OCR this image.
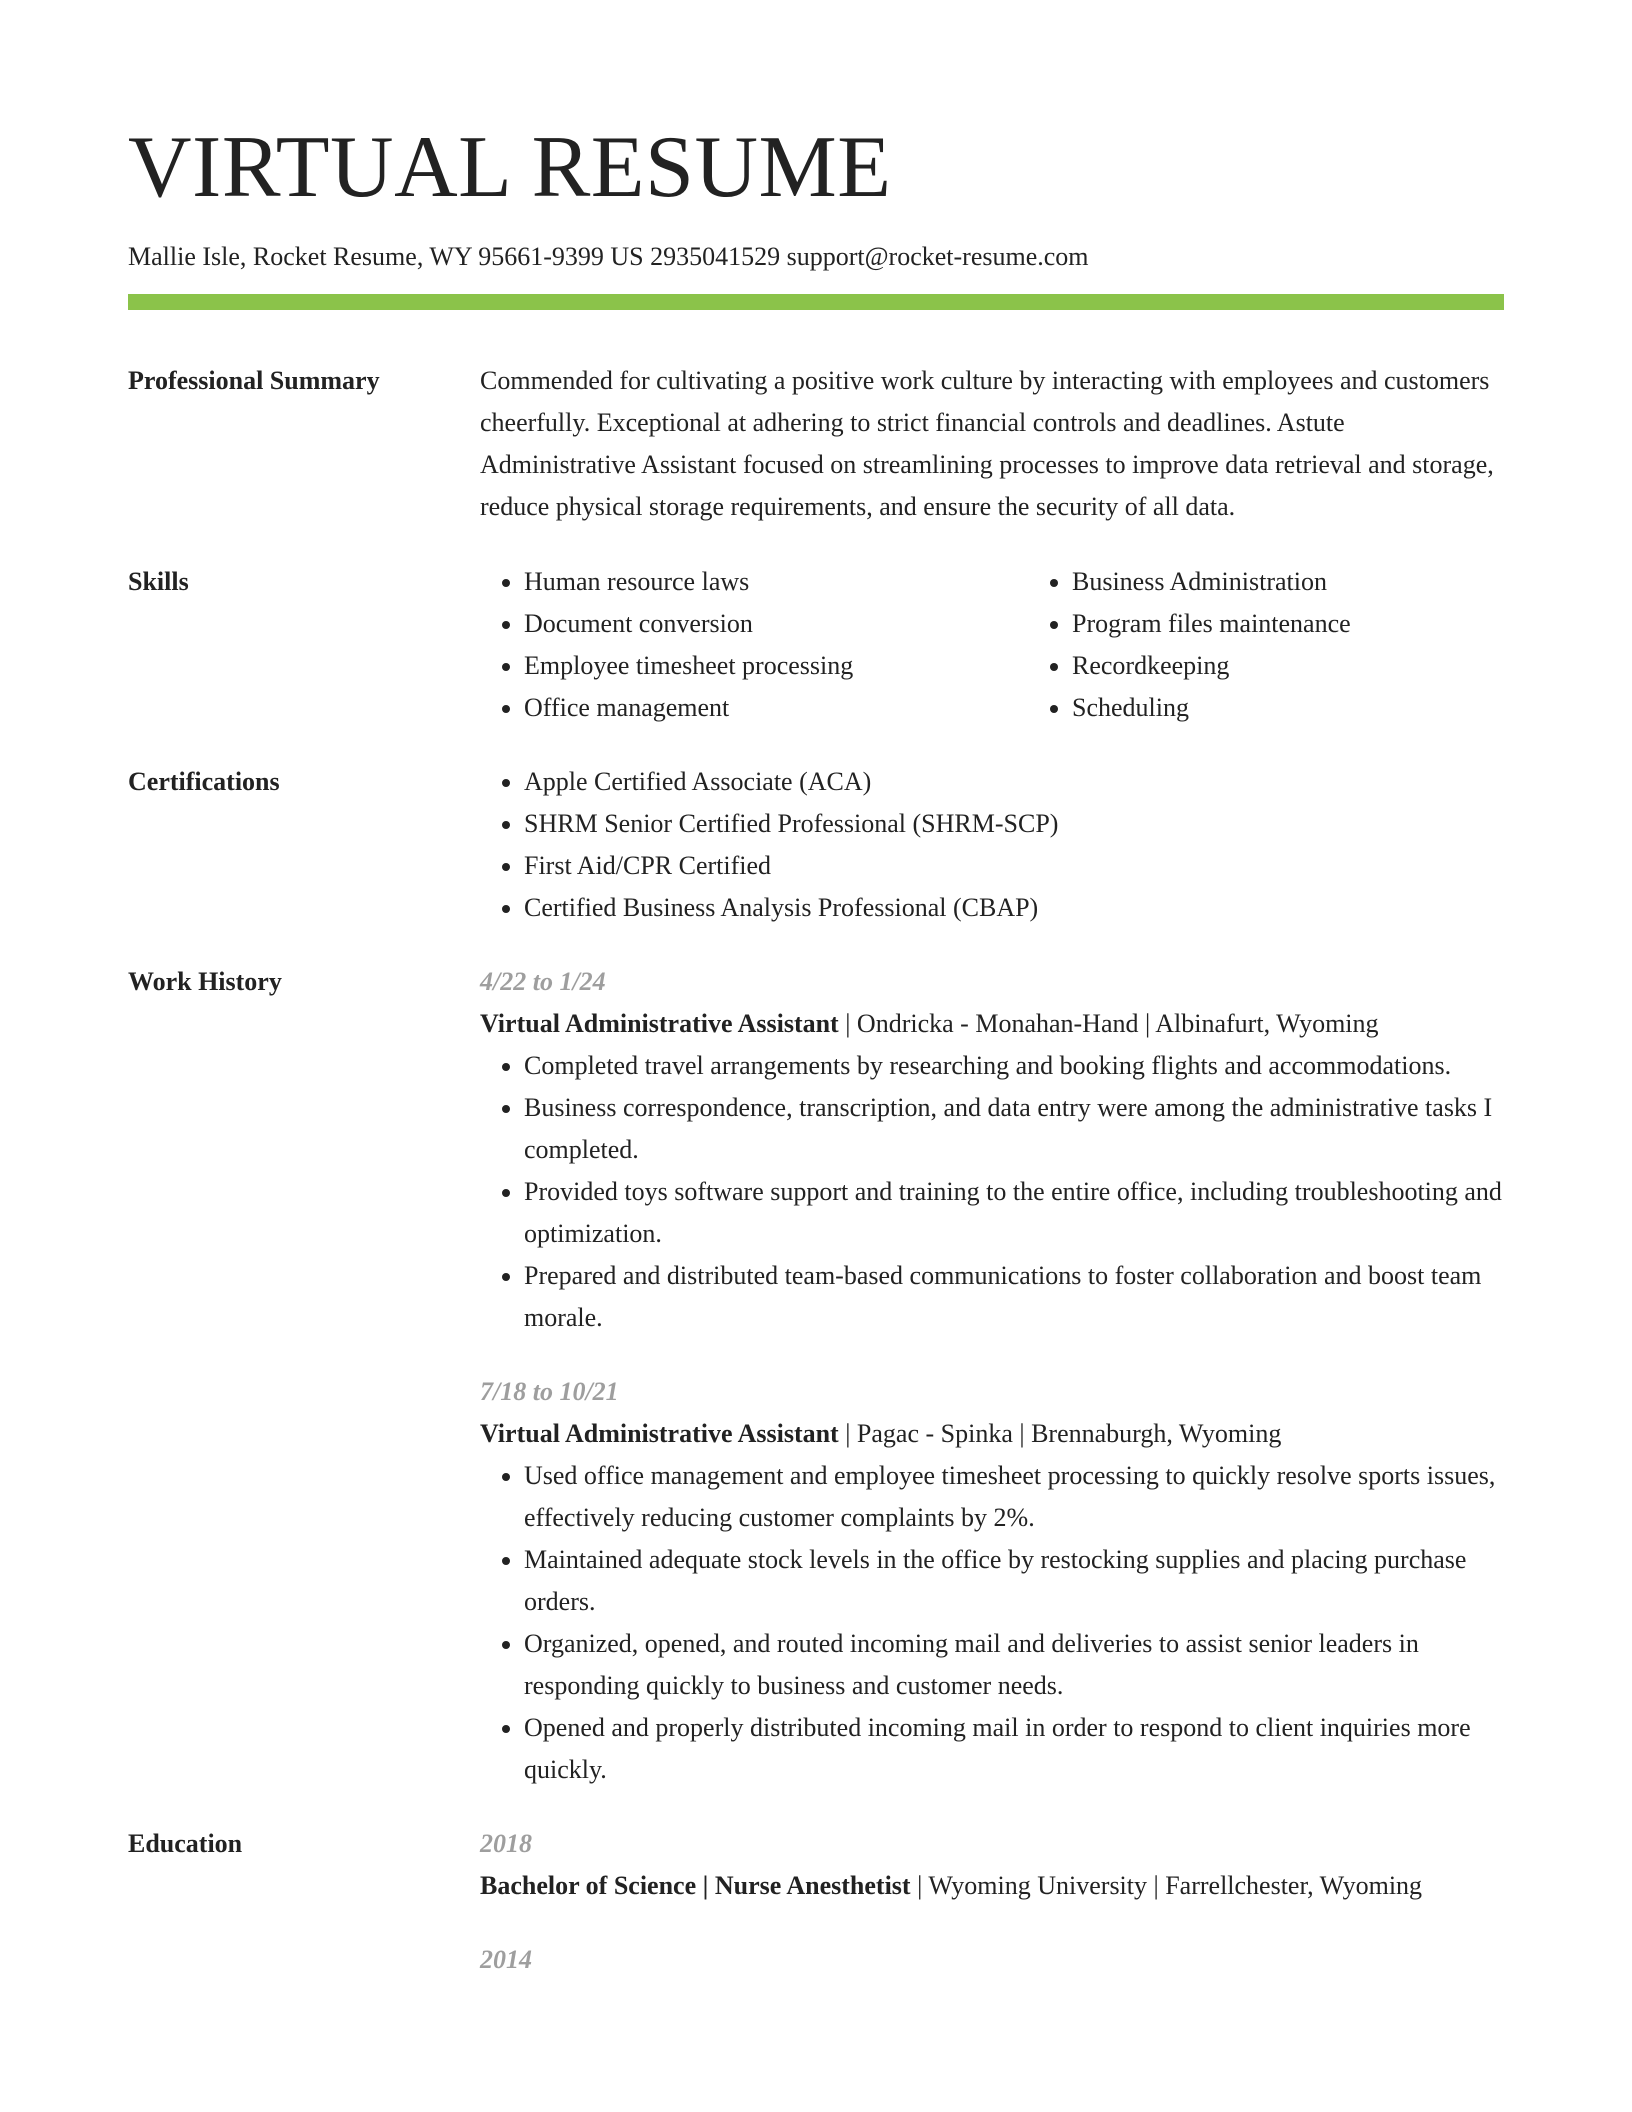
VIRTUAL RESUME
Mallie Isle, Rocket Resume, WY 95661-9399 US 2935041529 support@rocket-resume.com
Professional Summary	Commended for cultivating a positive work culture by interacting with employees and customers cheerfully. Exceptional at adhering to strict financial controls and deadlines. Astute Administrative Assistant focused on streamlining processes to improve data retrieval and storage, reduce physical storage requirements, and ensure the security of all data.
Skills	• Human resource laws
• Document conversion
• Employee timesheet processing
• Office management
• Business Administration
• Program files maintenance
• Recordkeeping
• Scheduling
Certifications	• Apple Certified Associate (ACA)
• SHRM Senior Certified Professional (SHRM-SCP)
• First Aid/CPR Certified
• Certified Business Analysis Professional (CBAP)
Work History	4/22 to 1/24
Virtual Administrative Assistant | Ondricka - Monahan-Hand | Albinafurt, Wyoming
• Completed travel arrangements by researching and booking flights and accommodations.
• Business correspondence, transcription, and data entry were among the administrative tasks I completed.
• Provided toys software support and training to the entire office, including troubleshooting and optimization.
• Prepared and distributed team-based communications to foster collaboration and boost team morale.
7/18 to 10/21
Virtual Administrative Assistant | Pagac - Spinka | Brennaburgh, Wyoming
• Used office management and employee timesheet processing to quickly resolve sports issues, effectively reducing customer complaints by 2%.
• Maintained adequate stock levels in the office by restocking supplies and placing purchase orders.
• Organized, opened, and routed incoming mail and deliveries to assist senior leaders in responding quickly to business and customer needs.
• Opened and properly distributed incoming mail in order to respond to client inquiries more quickly.
Education	2018
Bachelor of Science | Nurse Anesthetist | Wyoming University | Farrellchester, Wyoming
2014
